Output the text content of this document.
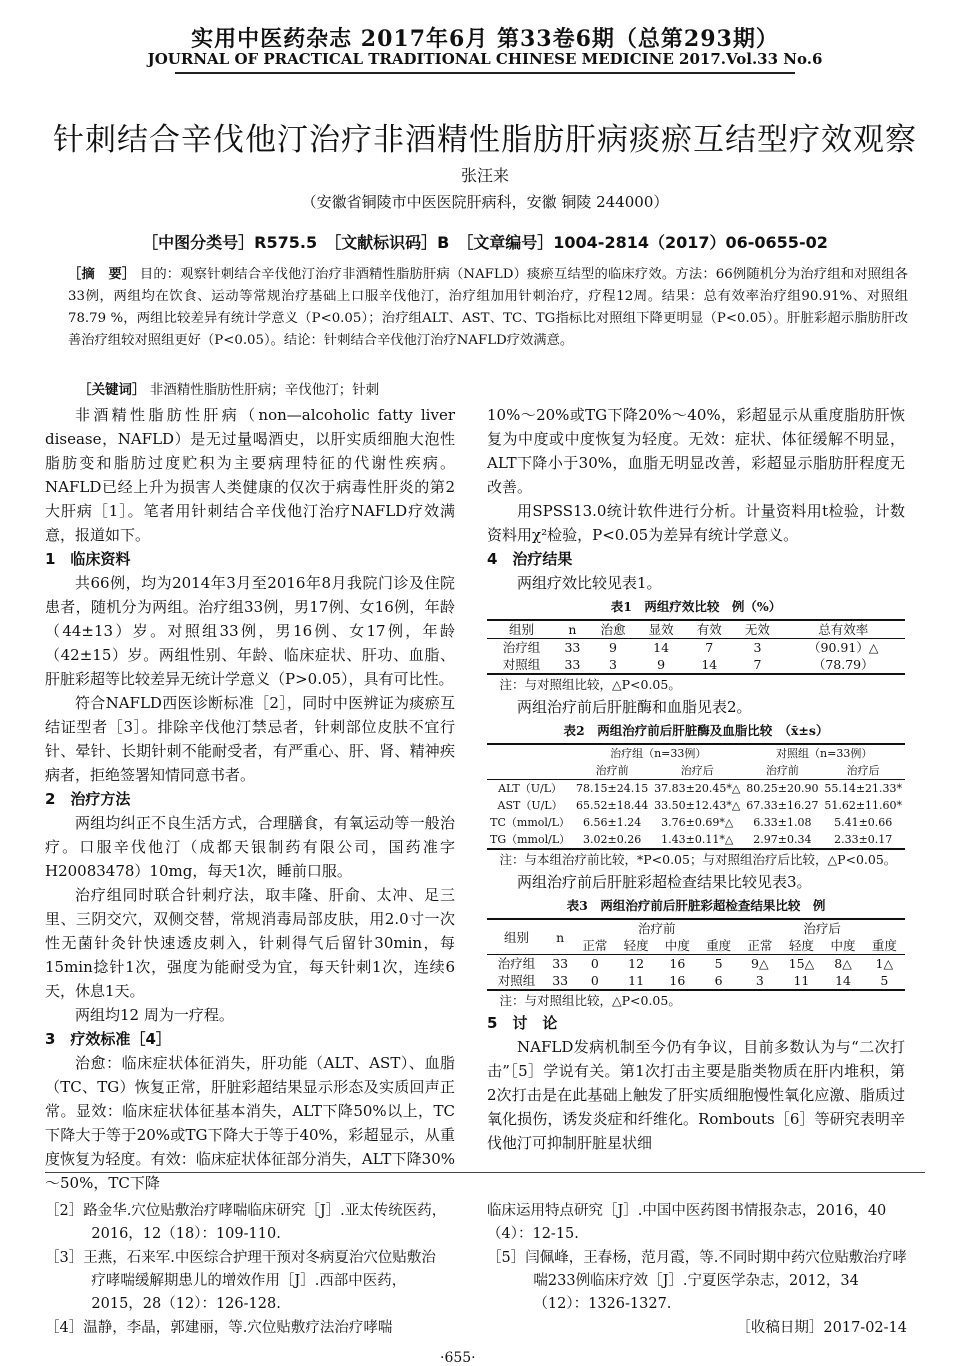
实用中医药杂志 2017年6月 第33卷6期（总第293期）
JOURNAL OF PRACTICAL TRADITIONAL CHINESE MEDICINE 2017.Vol.33 No.6
针刺结合辛伐他汀治疗非酒精性脂肪肝病痰瘀互结型疗效观察
张汪来
（安徽省铜陵市中医医院肝病科，安徽 铜陵 244000）
［中图分类号］R575.5　［文献标识码］B　［文章编号］1004-2814（2017）06-0655-02
［摘　要］ 目的：观察针刺结合辛伐他汀治疗非酒精性脂肪肝病（NAFLD）痰瘀互结型的临床疗效。方法：66例随机分为治疗组和对照组各33例，两组均在饮食、运动等常规治疗基础上口服辛伐他汀，治疗组加用针刺治疗，疗程12周。结果：总有效率治疗组90.91%、对照组78.79 %，两组比较差异有统计学意义（P<0.05）；治疗组ALT、AST、TC、TG指标比对照组下降更明显（P<0.05）。肝脏彩超示脂肪肝改善治疗组较对照组更好（P<0.05）。结论：针刺结合辛伐他汀治疗NAFLD疗效满意。
［关键词］ 非酒精性脂肪性肝病；辛伐他汀；针刺

非酒精性脂肪性肝病（non—alcoholic fatty liver disease，NAFLD）是无过量喝酒史，以肝实质细胞大泡性脂肪变和脂肪过度贮积为主要病理特征的代谢性疾病。NAFLD已经上升为损害人类健康的仅次于病毒性肝炎的第2大肝病［1］。笔者用针刺结合辛伐他汀治疗NAFLD疗效满意，报道如下。

1　临床资料

共66例，均为2014年3月至2016年8月我院门诊及住院患者，随机分为两组。治疗组33例，男17例、女16例，年龄（44±13）岁。对照组33例，男16例、女17例，年龄（42±15）岁。两组性别、年龄、临床症状、肝功、血脂、肝脏彩超等比较差异无统计学意义（P>0.05），具有可比性。

符合NAFLD西医诊断标准［2］，同时中医辨证为痰瘀互结证型者［3］。排除辛伐他汀禁忌者，针刺部位皮肤不宜行针、晕针、长期针刺不能耐受者，有严重心、肝、肾、精神疾病者，拒绝签署知情同意书者。

2　治疗方法

两组均纠正不良生活方式，合理膳食，有氧运动等一般治疗。口服辛伐他汀（成都天银制药有限公司，国药准字H20083478）10mg，每天1次，睡前口服。

治疗组同时联合针刺疗法，取丰隆、肝俞、太冲、足三里、三阴交穴，双侧交替，常规消毒局部皮肤，用2.0寸一次性无菌针灸针快速透皮刺入，针刺得气后留针30min，每15min捻针1次，强度为能耐受为宜，每天针刺1次，连续6天，休息1天。

两组均12 周为一疗程。

3　疗效标准［4］

治愈：临床症状体征消失，肝功能（ALT、AST）、血脂（TC、TG）恢复正常，肝脏彩超结果显示形态及实质回声正常。显效：临床症状体征基本消失，ALT下降50%以上，TC下降大于等于20%或TG下降大于等于40%，彩超显示，从重度恢复为轻度。有效：临床症状体征部分消失，ALT下降30%～50%，TC下降

10%～20%或TG下降20%～40%，彩超显示从重度脂肪肝恢复为中度或中度恢复为轻度。无效：症状、体征缓解不明显，ALT下降小于30%，血脂无明显改善，彩超显示脂肪肝程度无改善。

用SPSS13.0统计软件进行分析。计量资料用t检验，计数资料用χ²检验，P<0.05为差异有统计学意义。

4　治疗结果

两组疗效比较见表1。

表1　两组疗效比较　例（%）

组别	n	治愈	显效	有效	无效	总有效率
治疗组	33	9	14	7	3	（90.91）△
对照组	33	3	9	14	7	（78.79）

注：与对照组比较，△P<0.05。

两组治疗前后肝脏酶和血脂见表2。

表2　两组治疗前后肝脏酶及血脂比较　（x̄±s）

	治疗组（n=33例）		对照组（n=33例）	
	治疗前	治疗后	治疗前	治疗后
ALT（U/L）	78.15±24.15	37.83±20.45*△	80.25±20.90	55.14±21.33*
AST（U/L）	65.52±18.44	33.50±12.43*△	67.33±16.27	51.62±11.60*
TC（mmol/L）	6.56±1.24	3.76±0.69*△	6.33±1.08	5.41±0.66
TG（mmol/L）	3.02±0.26	1.43±0.11*△	2.97±0.34	2.33±0.17

注：与本组治疗前比较，*P<0.05；与对照组治疗后比较，△P<0.05。

两组治疗前后肝脏彩超检查结果比较见表3。

表3　两组治疗前后肝脏彩超检查结果比较　例

组别	n	治疗前				治疗后			
		正常	轻度	中度	重度	正常	轻度	中度	重度
治疗组	33	0	12	16	5	9△	15△	8△	1△
对照组	33	0	11	16	6	3	11	14	5

注：与对照组比较，△P<0.05。

5　讨　论

NAFLD发病机制至今仍有争议，目前多数认为与“二次打击”［5］学说有关。第1次打击主要是脂类物质在肝内堆积，第2次打击是在此基础上触发了肝实质细胞慢性氧化应激、脂质过氧化损伤，诱发炎症和纤维化。Rombouts［6］等研究表明辛伐他汀可抑制肝脏星状细

［2］路金华.穴位贴敷治疗哮喘临床研究［J］.亚太传统医药，2016，12（18）：109-110.
［3］王燕，石来军.中医综合护理干预对冬病夏治穴位贴敷治疗哮喘缓解期患儿的增效作用［J］.西部中医药，2015，28（12）：126-128.
［4］温静，李晶，郭建丽，等.穴位贴敷疗法治疗哮喘
临床运用特点研究［J］.中国中医药图书情报杂志，2016，40（4）：12-15.
［5］闫佩峰，王春杨，范月霞，等.不同时期中药穴位贴敷治疗哮喘233例临床疗效［J］.宁夏医学杂志，2012，34（12）：1326-1327.
［收稿日期］2017-02-14
·655·
